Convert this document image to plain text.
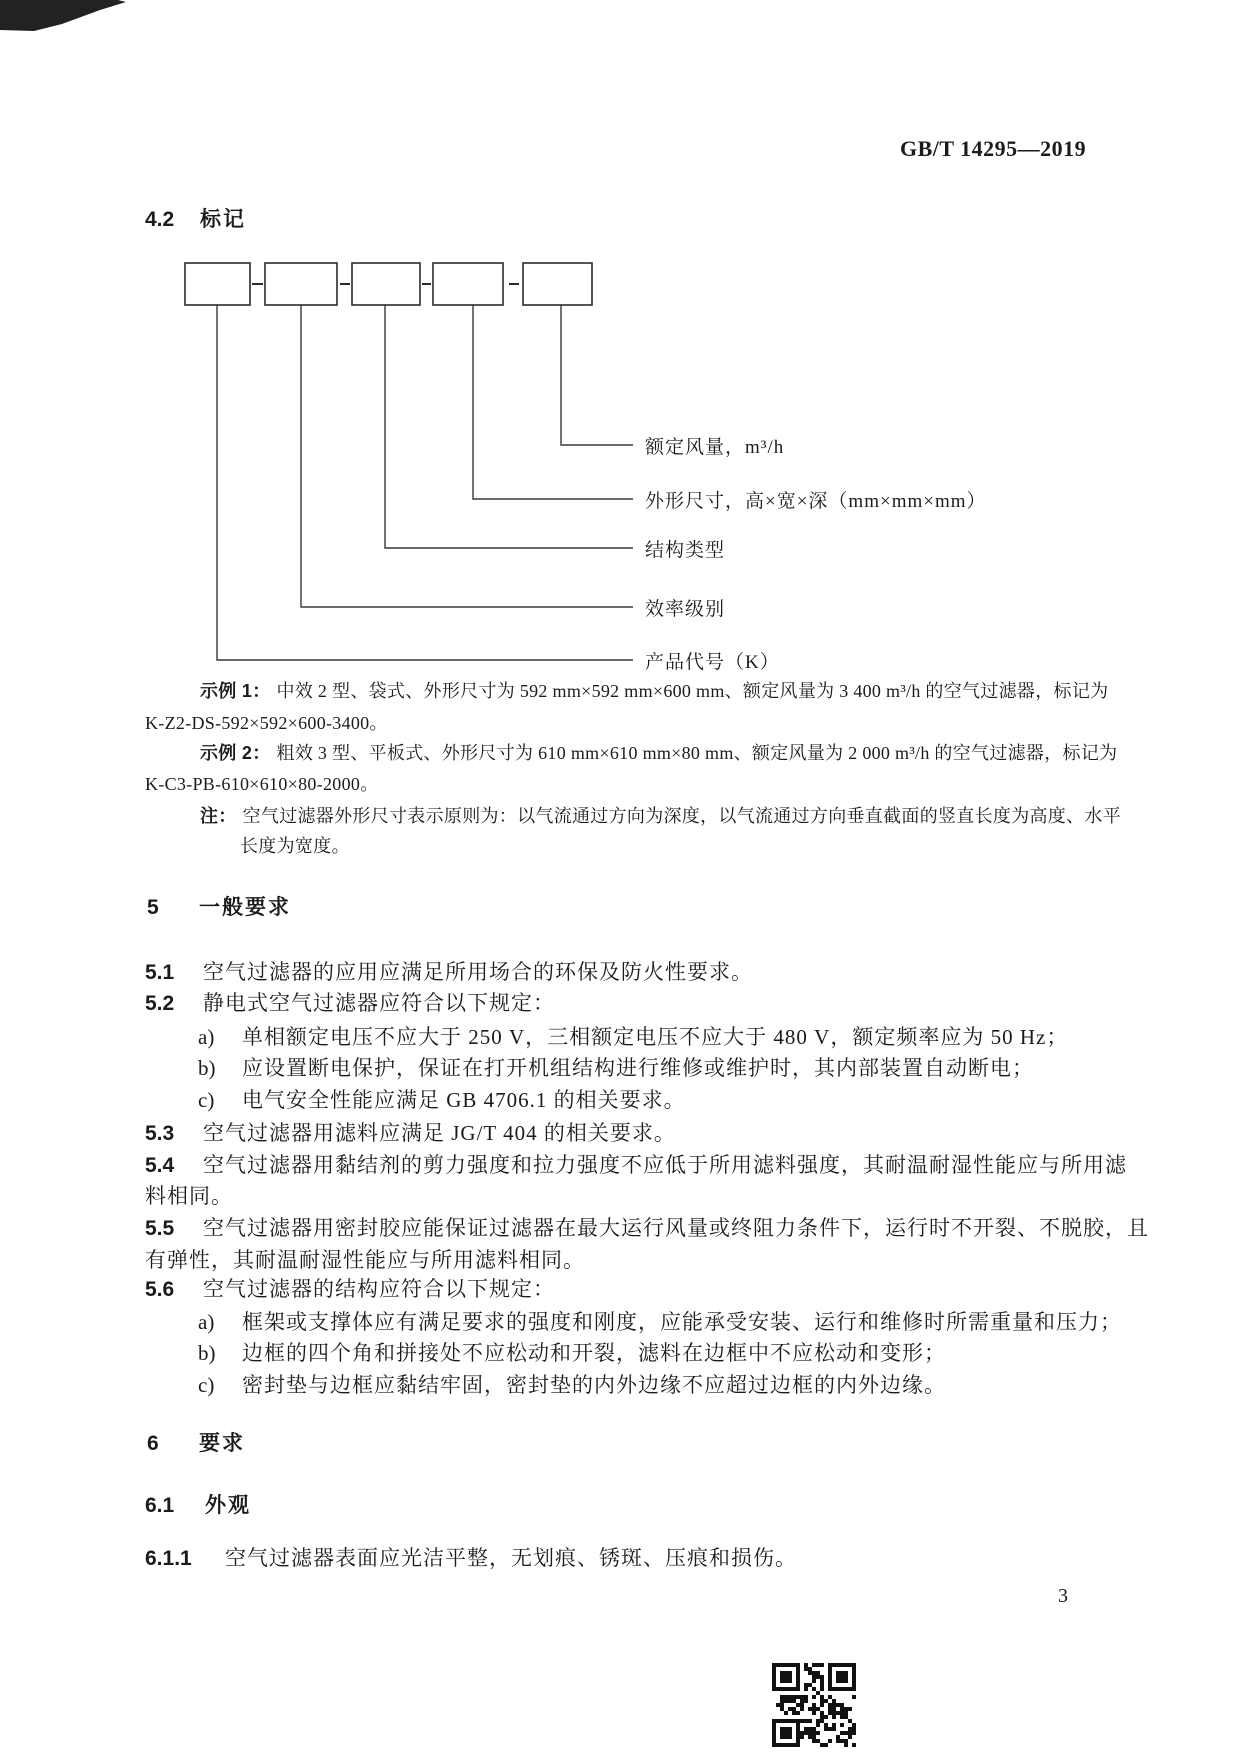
GB/T 14295—2019
4.2 标记
额定风量，m³/h
外形尺寸，高×宽×深（mm×mm×mm）
结构类型
效率级别
产品代号（K）
示例 1： 中效 2 型、袋式、外形尺寸为 592 mm×592 mm×600 mm、额定风量为 3 400 m³/h 的空气过滤器，标记为
K-Z2-DS-592×592×600-3400。
示例 2： 粗效 3 型、平板式、外形尺寸为 610 mm×610 mm×80 mm、额定风量为 2 000 m³/h 的空气过滤器，标记为
K-C3-PB-610×610×80-2000。
注： 空气过滤器外形尺寸表示原则为：以气流通过方向为深度，以气流通过方向垂直截面的竖直长度为高度、水平
长度为宽度。
5 一般要求
5.1 空气过滤器的应用应满足所用场合的环保及防火性要求。
5.2 静电式空气过滤器应符合以下规定：
a) 单相额定电压不应大于 250 V，三相额定电压不应大于 480 V，额定频率应为 50 Hz；
b) 应设置断电保护，保证在打开机组结构进行维修或维护时，其内部装置自动断电；
c) 电气安全性能应满足 GB 4706.1 的相关要求。
5.3 空气过滤器用滤料应满足 JG/T 404 的相关要求。
5.4 空气过滤器用黏结剂的剪力强度和拉力强度不应低于所用滤料强度，其耐温耐湿性能应与所用滤
料相同。
5.5 空气过滤器用密封胶应能保证过滤器在最大运行风量或终阻力条件下，运行时不开裂、不脱胶，且
有弹性，其耐温耐湿性能应与所用滤料相同。
5.6 空气过滤器的结构应符合以下规定：
a) 框架或支撑体应有满足要求的强度和刚度，应能承受安装、运行和维修时所需重量和压力；
b) 边框的四个角和拼接处不应松动和开裂，滤料在边框中不应松动和变形；
c) 密封垫与边框应黏结牢固，密封垫的内外边缘不应超过边框的内外边缘。
6 要求
6.1 外观
6.1.1 空气过滤器表面应光洁平整，无划痕、锈斑、压痕和损伤。
3
